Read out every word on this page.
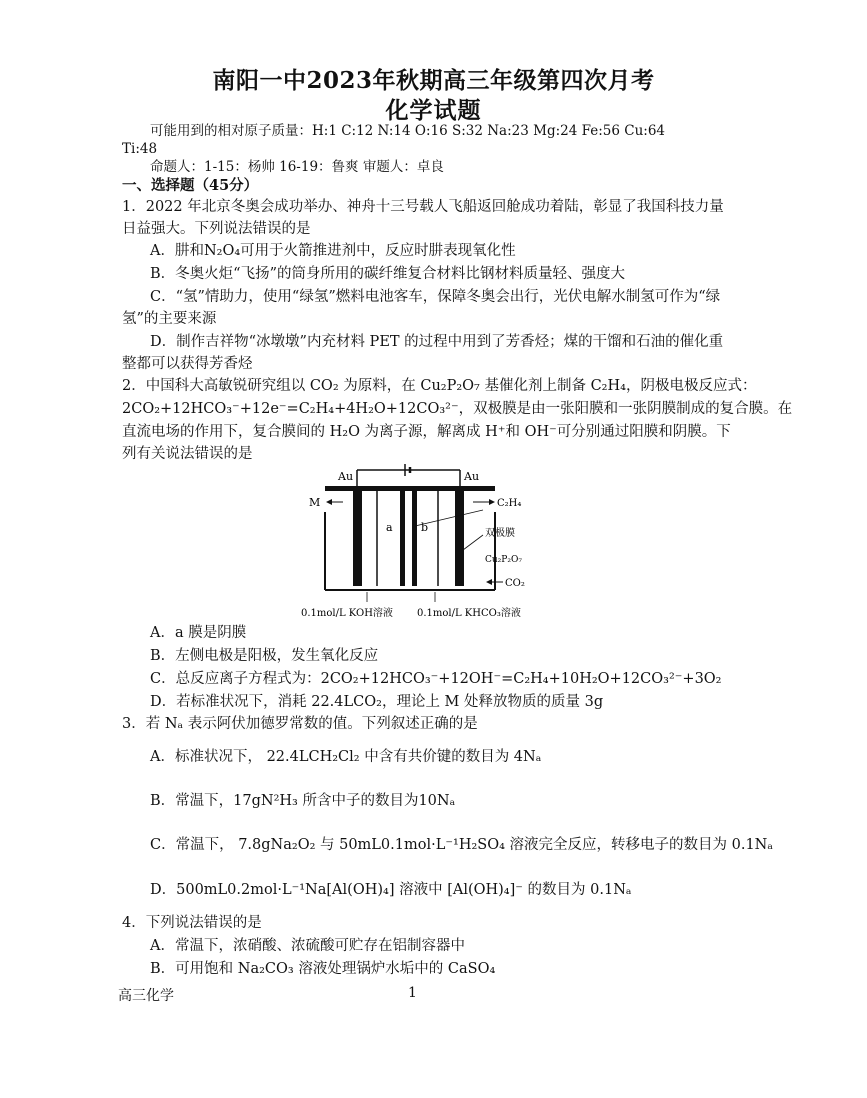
南阳一中2023年秋期高三年级第四次月考
化学试题
可能用到的相对原子质量：H:1 C:12 N:14 O:16 S:32 Na:23 Mg:24 Fe:56 Cu:64
Ti:48
命题人：1-15：杨帅 16-19：鲁爽 审题人：卓良
一、选择题（45分）
1．2022 年北京冬奥会成功举办、神舟十三号载人飞船返回舱成功着陆，彰显了我国科技力量
日益强大。下列说法错误的是
A．肼和N₂O₄可用于火箭推进剂中，反应时肼表现氧化性
B．冬奥火炬“飞扬”的筒身所用的碳纤维复合材料比钢材料质量轻、强度大
C．“氢”情助力，使用“绿氢”燃料电池客车，保障冬奥会出行，光伏电解水制氢可作为“绿
氢”的主要来源
D．制作吉祥物“冰墩墩”内充材料 PET 的过程中用到了芳香烃；煤的干馏和石油的催化重
整都可以获得芳香烃
2．中国科大高敏锐研究组以 CO₂ 为原料，在 Cu₂P₂O₇ 基催化剂上制备 C₂H₄，阴极电极反应式：
2CO₂+12HCO₃⁻+12e⁻=C₂H₄+4H₂O+12CO₃²⁻，双极膜是由一张阳膜和一张阴膜制成的复合膜。在
直流电场的作用下，复合膜间的 H₂O 为离子源，解离成 H⁺和 OH⁻可分别通过阳膜和阴膜。下
列有关说法错误的是
Au	Au
M	C₂H₄
a	b	双极膜
Cu₂P₂O₇
CO₂
0.1mol/L KOH溶液 0.1mol/L KHCO₃溶液
A．a 膜是阴膜
B．左侧电极是阳极，发生氧化反应
C．总反应离子方程式为：2CO₂+12HCO₃⁻+12OH⁻=C₂H₄+10H₂O+12CO₃²⁻+3O₂
D．若标准状况下，消耗 22.4LCO₂，理论上 M 处释放物质的质量 3g
3．若 Nₐ 表示阿伏加德罗常数的值。下列叙述正确的是
A．标准状况下， 22.4LCH₂Cl₂ 中含有共价键的数目为 4Nₐ
B．常温下，17gN²H₃ 所含中子的数目为10Nₐ
C．常温下， 7.8gNa₂O₂ 与 50mL0.1mol·L⁻¹H₂SO₄ 溶液完全反应，转移电子的数目为 0.1Nₐ
D．500mL0.2mol·L⁻¹Na[Al(OH)₄] 溶液中 [Al(OH)₄]⁻ 的数目为 0.1Nₐ
4．下列说法错误的是
A．常温下，浓硝酸、浓硫酸可贮存在铝制容器中
B．可用饱和 Na₂CO₃ 溶液处理锅炉水垢中的 CaSO₄
高三化学	1
